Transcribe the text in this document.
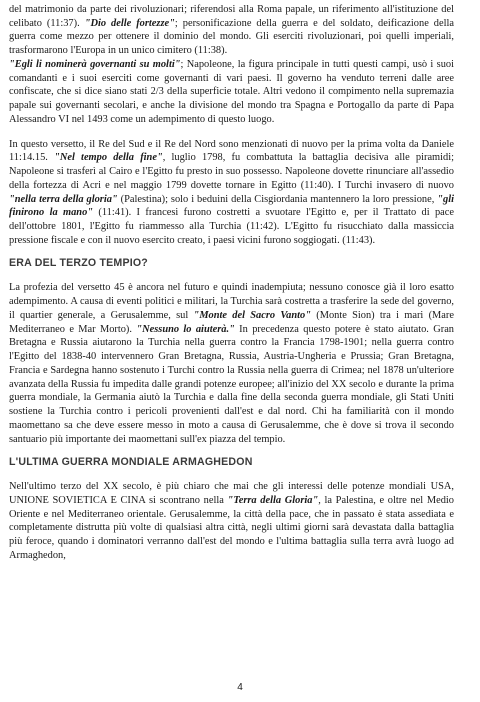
del matrimonio da parte dei rivoluzionari; riferendosi alla Roma papale, un riferimento all'istituzione del celibato (11:37). "Dio delle fortezze"; personificazione della guerra e del soldato, deificazione della guerra come mezzo per ottenere il dominio del mondo. Gli eserciti rivoluzionari, poi quelli imperiali, trasformarono l'Europa in un unico cimitero (11:38).

"Egli li nominerà governanti su molti"; Napoleone, la figura principale in tutti questi campi, usò i suoi comandanti e i suoi eserciti come governanti di vari paesi. Il governo ha venduto terreni dalle aree confiscate, che si dice siano stati 2/3 della superficie totale. Altri vedono il compimento nella supremazia papale sui governanti secolari, e anche la divisione del mondo tra Spagna e Portogallo da parte di Papa Alessandro VI nel 1493 come un adempimento di questo luogo.

In questo versetto, il Re del Sud e il Re del Nord sono menzionati di nuovo per la prima volta da Daniele 11:14.15. "Nel tempo della fine", luglio 1798, fu combattuta la battaglia decisiva alle piramidi; Napoleone si trasferì al Cairo e l'Egitto fu presto in suo possesso. Napoleone dovette rinunciare all'assedio della fortezza di Acri e nel maggio 1799 dovette tornare in Egitto (11:40). I Turchi invasero di nuovo "nella terra della gloria" (Palestina); solo i beduini della Cisgiordania mantennero la loro pressione, "gli finirono la mano" (11:41). I francesi furono costretti a svuotare l'Egitto e, per il Trattato di pace dell'ottobre 1801, l'Egitto fu riammesso alla Turchia (11:42). L'Egitto fu risucchiato dalla massiccia pressione fiscale e con il nuovo esercito creato, i paesi vicini furono soggiogati. (11:43).

ERA DEL TERZO TEMPIO?

La profezia del versetto 45 è ancora nel futuro e quindi inadempiuta; nessuno conosce già il loro esatto adempimento. A causa di eventi politici e militari, la Turchia sarà costretta a trasferire la sede del governo, il quartier generale, a Gerusalemme, sul "Monte del Sacro Vanto" (Monte Sion) tra i mari (Mare Mediterraneo e Mar Morto). "Nessuno lo aiuterà." In precedenza questo potere è stato aiutato. Gran Bretagna e Russia aiutarono la Turchia nella guerra contro la Francia 1798-1901; nella guerra contro l'Egitto del 1838-40 intervennero Gran Bretagna, Russia, Austria-Ungheria e Prussia; Gran Bretagna, Francia e Sardegna hanno sostenuto i Turchi contro la Russia nella guerra di Crimea; nel 1878 un'ulteriore avanzata della Russia fu impedita dalle grandi potenze europee; all'inizio del XX secolo e durante la prima guerra mondiale, la Germania aiutò la Turchia e dalla fine della seconda guerra mondiale, gli Stati Uniti sostiene la Turchia contro i pericoli provenienti dall'est e dal nord. Chi ha familiarità con il mondo maomettano sa che deve essere messo in moto a causa di Gerusalemme, che è dove si trova il secondo santuario più importante dei maomettani sull'ex piazza del tempio.

L'ULTIMA GUERRA MONDIALE ARMAGHEDON

Nell'ultimo terzo del XX secolo, è più chiaro che mai che gli interessi delle potenze mondiali USA, UNIONE SOVIETICA E CINA si scontrano nella "Terra della Gloria", la Palestina, e oltre nel Medio Oriente e nel Mediterraneo orientale. Gerusalemme, la città della pace, che in passato è stata assediata e completamente distrutta più volte di qualsiasi altra città, negli ultimi giorni sarà devastata dalla battaglia più feroce, quando i dominatori verranno dall'est del mondo e l'ultima battaglia sulla terra avrà luogo ad Armaghedon,

4
